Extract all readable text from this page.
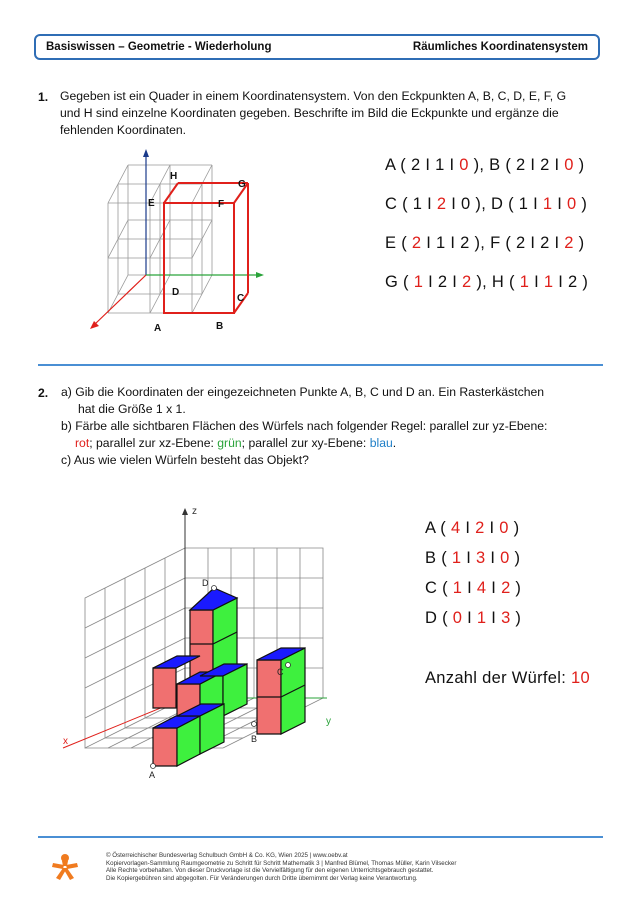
Basiswissen – Geometrie - Wiederholung	Räumliches Koordinatensystem
1. Gegeben ist ein Quader in einem Koordinatensystem. Von den Eckpunkten A, B, C, D, E, F, G
und H sind einzelne Koordinaten gegeben. Beschrifte im Bild die Eckpunkte und ergänze die
fehlenden Koordinaten.
A	B
C
D
E	F
G
H
A ( 2 I 1 I 0 ), B ( 2 I 2 I 0 )
C ( 1 I 2 I 0 ), D ( 1 I 1 I 0 )
E ( 2 I 1 I 2 ), F ( 2 I 2 I 2 )
G ( 1 I 2 I 2 ), H ( 1 I 1 I 2 )
2. a) Gib die Koordinaten der eingezeichneten Punkte A, B, C und D an. Ein Rasterkästchen
hat die Größe 1 x 1.
b) Färbe alle sichtbaren Flächen des Würfels nach folgender Regel: parallel zur yz-Ebene:
rot; parallel zur xz-Ebene: grün; parallel zur xy-Ebene: blau.
c) Aus wie vielen Würfeln besteht das Objekt?
z
y
x
A
B
C
D
A ( 4 I 2 I 0 )
B ( 1 I 3 I 0 )
C ( 1 I 4 I 2 )
D ( 0 I 1 I 3 )
Anzahl der Würfel: 10
© Österreichischer Bundesverlag Schulbuch GmbH & Co. KG, Wien 2025 | www.oebv.at
Kopiervorlagen-Sammlung Raumgeometrie zu Schritt für Schritt Mathematik 3 | Manfred Blümel, Thomas Müller, Karin Vilsecker
Alle Rechte vorbehalten. Von dieser Druckvorlage ist die Vervielfältigung für den eigenen Unterrichtsgebrauch gestattet.
Die Kopiergebühren sind abgegolten. Für Veränderungen durch Dritte übernimmt der Verlag keine Verantwortung.
